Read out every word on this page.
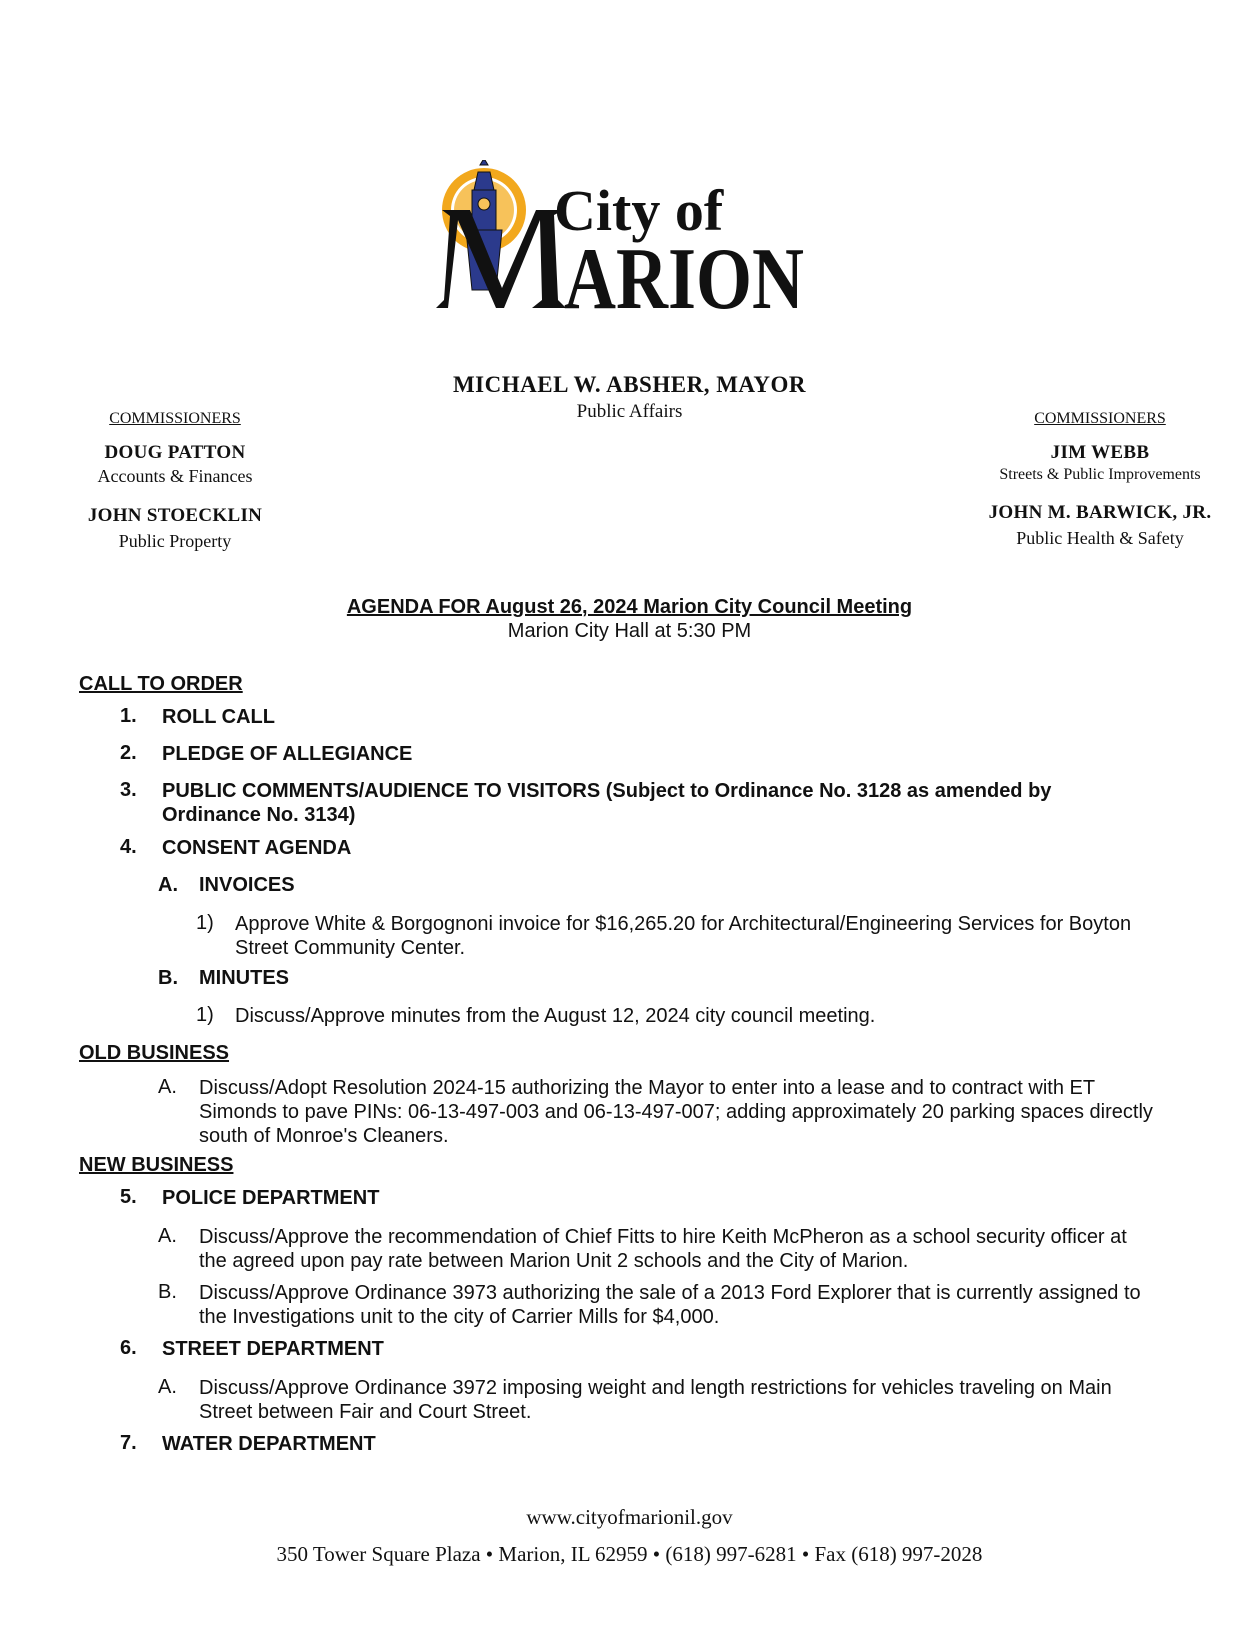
City of
ARION
MICHAEL W. ABSHER, MAYOR
Public Affairs
COMMISSIONERS
DOUG PATTON
Accounts & Finances
JOHN STOECKLIN
Public Property
COMMISSIONERS
JIM WEBB
Streets & Public Improvements
JOHN M. BARWICK, JR.
Public Health & Safety
AGENDA FOR August 26, 2024 Marion City Council Meeting
Marion City Hall at 5:30 PM
CALL TO ORDER
1. ROLL CALL
2. PLEDGE OF ALLEGIANCE
3. PUBLIC COMMENTS/AUDIENCE TO VISITORS (Subject to Ordinance No. 3128 as amended by
Ordinance No. 3134)
4. CONSENT AGENDA
A. INVOICES
1) Approve White & Borgognoni invoice for $16,265.20 for Architectural/Engineering Services for Boyton
Street Community Center.
B. MINUTES
1) Discuss/Approve minutes from the August 12, 2024 city council meeting.
OLD BUSINESS
A. Discuss/Adopt Resolution 2024-15 authorizing the Mayor to enter into a lease and to contract with ET
Simonds to pave PINs: 06-13-497-003 and 06-13-497-007; adding approximately 20 parking spaces directly
south of Monroe's Cleaners.
NEW BUSINESS
5. POLICE DEPARTMENT
A. Discuss/Approve the recommendation of Chief Fitts to hire Keith McPheron as a school security officer at
the agreed upon pay rate between Marion Unit 2 schools and the City of Marion.
B. Discuss/Approve Ordinance 3973 authorizing the sale of a 2013 Ford Explorer that is currently assigned to
the Investigations unit to the city of Carrier Mills for $4,000.
6. STREET DEPARTMENT
A. Discuss/Approve Ordinance 3972 imposing weight and length restrictions for vehicles traveling on Main
Street between Fair and Court Street.
7. WATER DEPARTMENT
www.cityofmarionil.gov
350 Tower Square Plaza • Marion, IL 62959 • (618) 997-6281 • Fax (618) 997-2028
